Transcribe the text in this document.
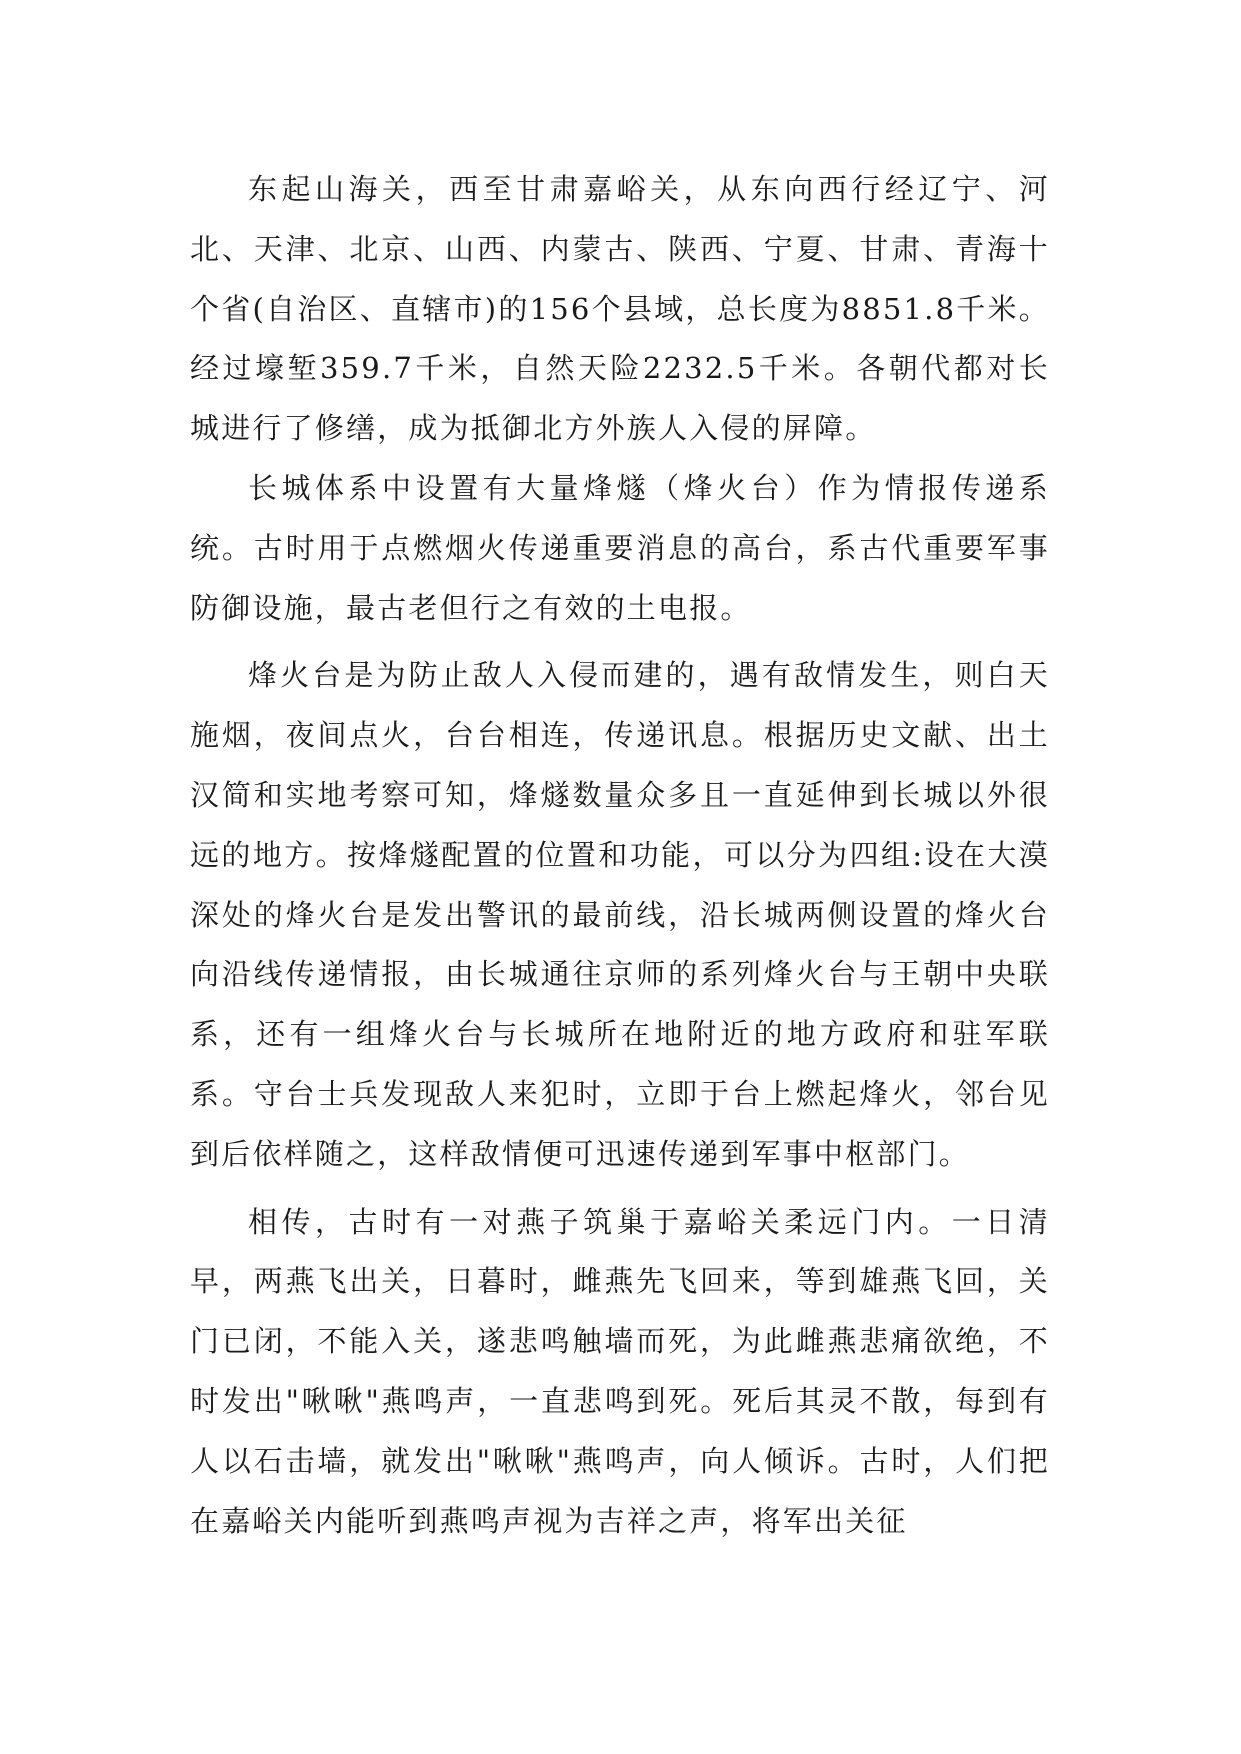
东起山海关，西至甘肃嘉峪关，从东向西行经辽宁、河北、天津、北京、山西、内蒙古、陕西、宁夏、甘肃、青海十个省(自治区、直辖市)的156个县域，总长度为8851.8千米。经过壕堑359.7千米，自然天险2232.5千米。各朝代都对长城进行了修缮，成为抵御北方外族人入侵的屏障。

长城体系中设置有大量烽燧（烽火台）作为情报传递系统。古时用于点燃烟火传递重要消息的高台，系古代重要军事防御设施，最古老但行之有效的土电报。

烽火台是为防止敌人入侵而建的，遇有敌情发生，则白天施烟，夜间点火，台台相连，传递讯息。根据历史文献、出土汉简和实地考察可知，烽燧数量众多且一直延伸到长城以外很远的地方。按烽燧配置的位置和功能，可以分为四组:设在大漠深处的烽火台是发出警讯的最前线，沿长城两侧设置的烽火台向沿线传递情报，由长城通往京师的系列烽火台与王朝中央联系，还有一组烽火台与长城所在地附近的地方政府和驻军联系。守台士兵发现敌人来犯时，立即于台上燃起烽火，邻台见到后依样随之，这样敌情便可迅速传递到军事中枢部门。

相传，古时有一对燕子筑巢于嘉峪关柔远门内。一日清早，两燕飞出关，日暮时，雌燕先飞回来，等到雄燕飞回，关门已闭，不能入关，遂悲鸣触墙而死，为此雌燕悲痛欲绝，不时发出"啾啾"燕鸣声，一直悲鸣到死。死后其灵不散，每到有人以石击墙，就发出"啾啾"燕鸣声，向人倾诉。古时，人们把在嘉峪关内能听到燕鸣声视为吉祥之声，将军出关征
